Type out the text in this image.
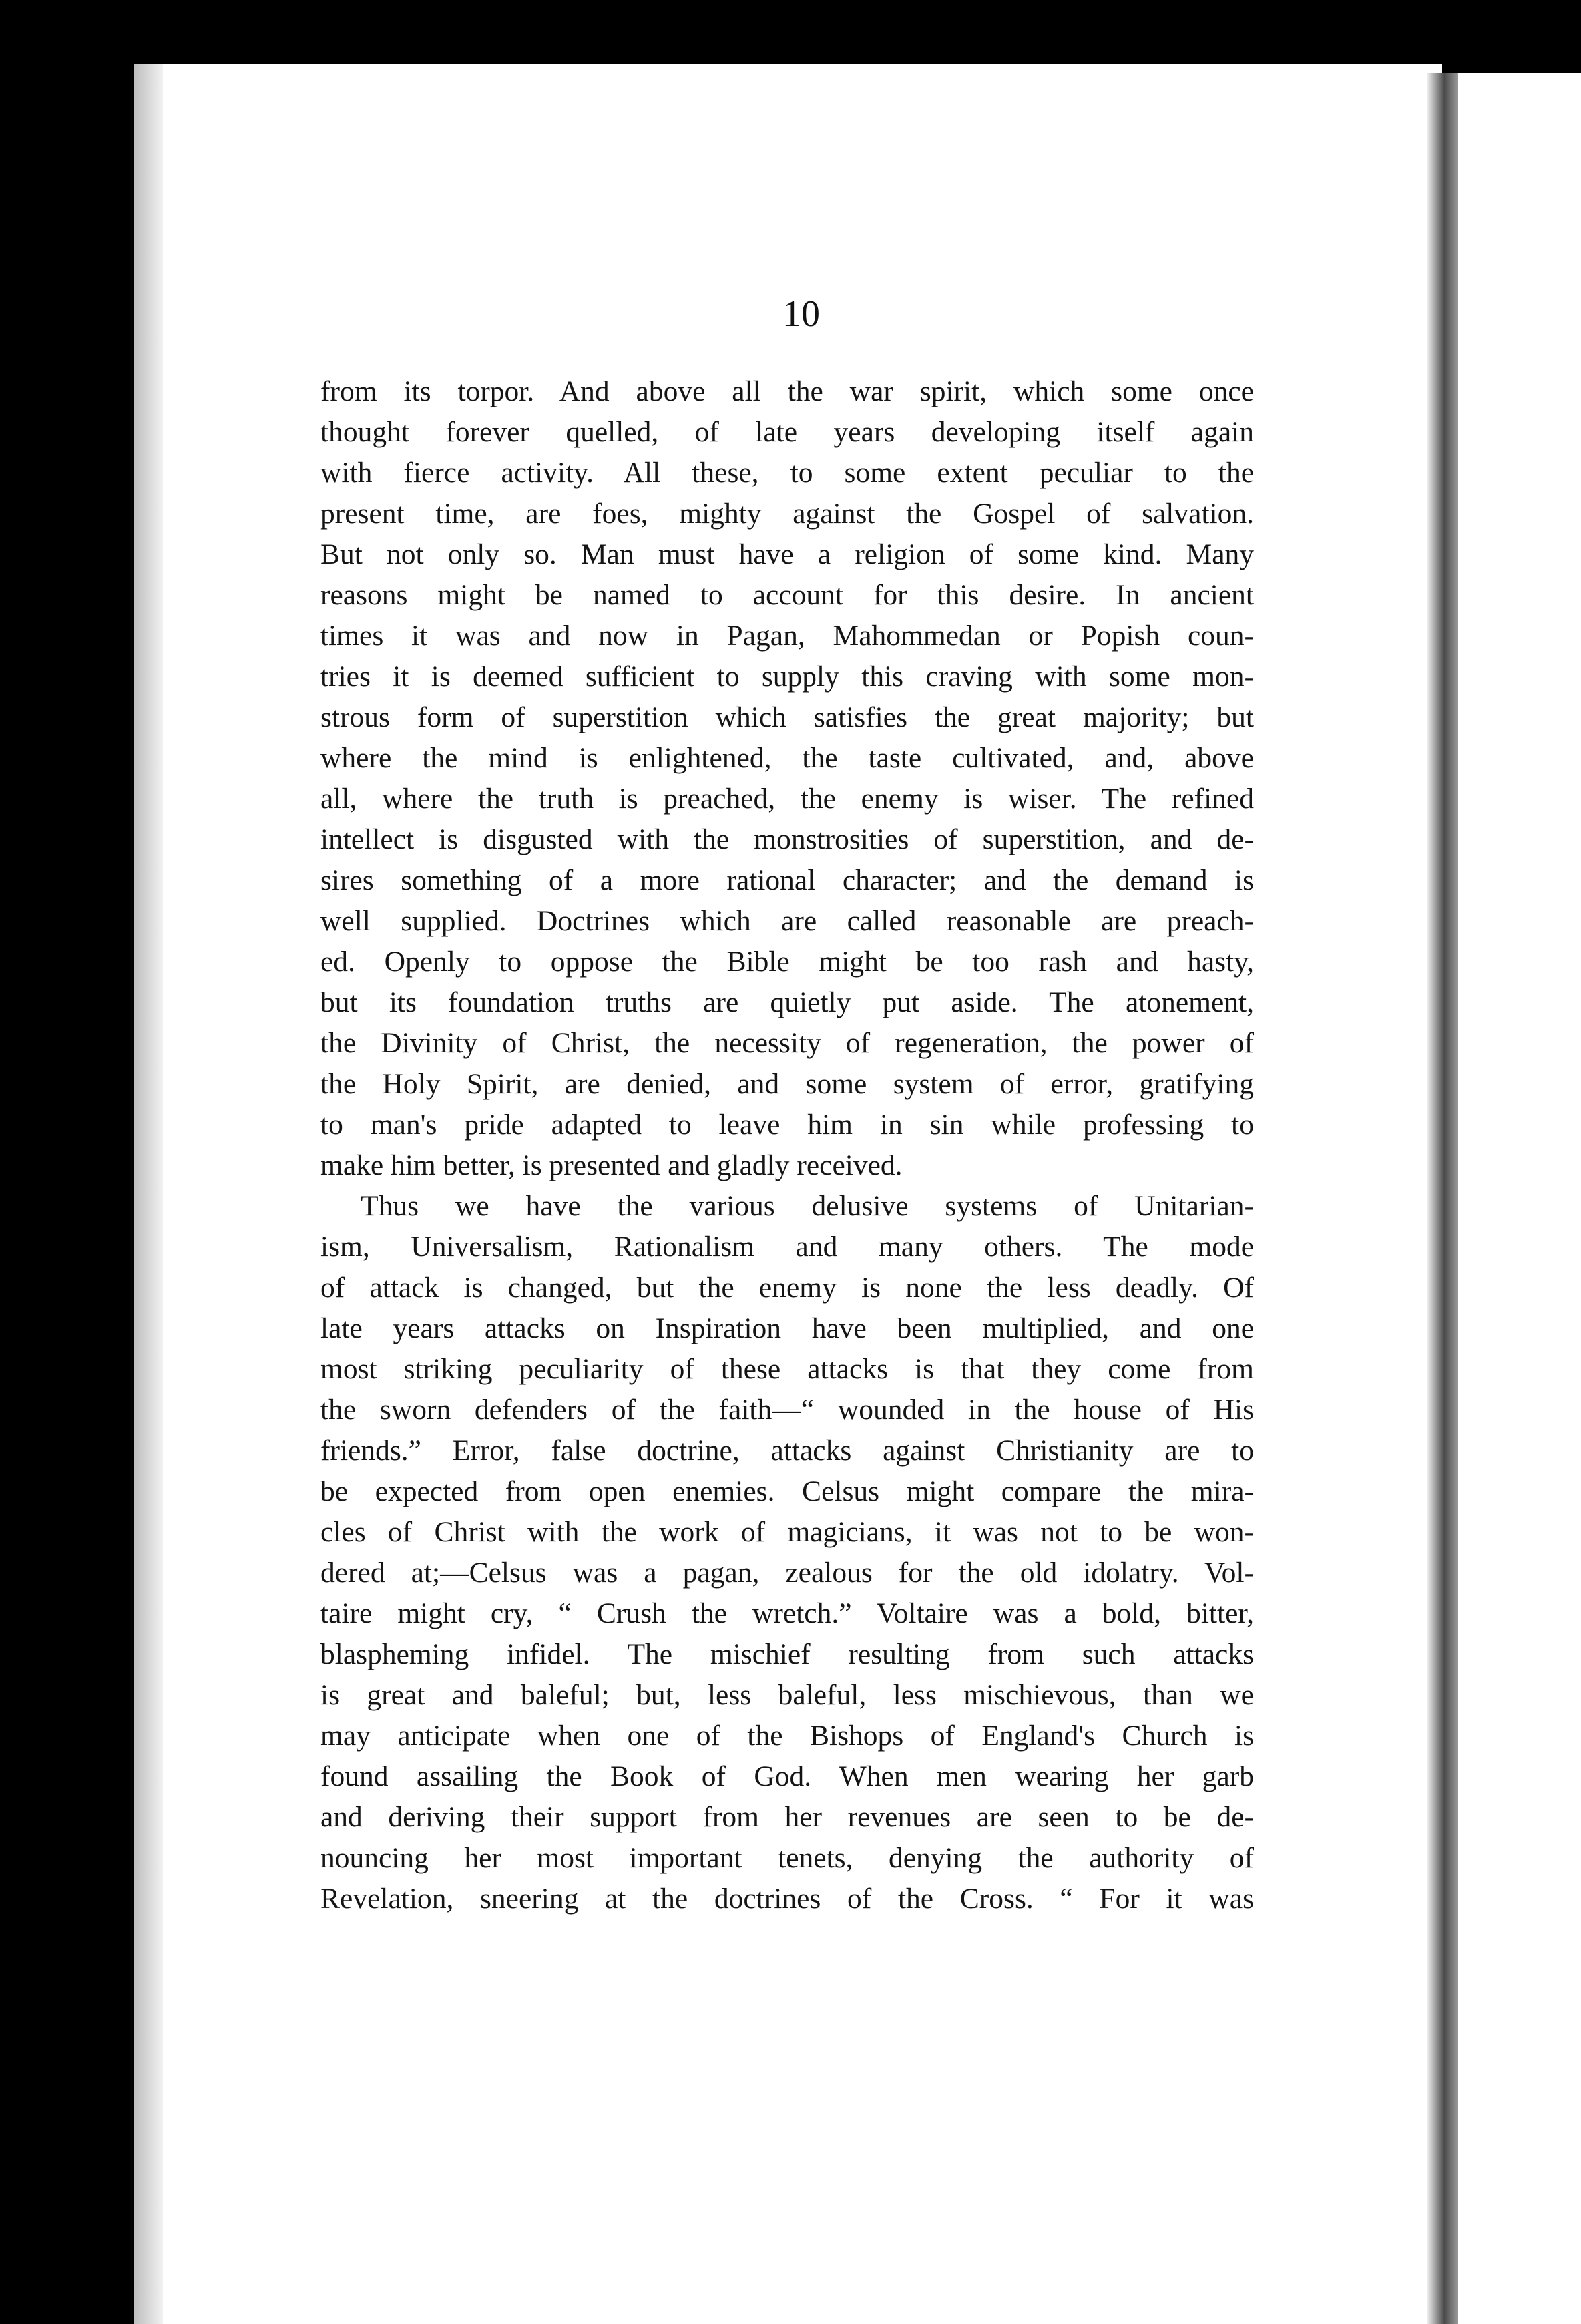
10
from its torpor. And above all the war spirit, which some once
thought forever quelled, of late years developing itself again
with fierce activity. All these, to some extent peculiar to the
present time, are foes, mighty against the Gospel of salvation.
But not only so. Man must have a religion of some kind. Many
reasons might be named to account for this desire. In ancient
times it was and now in Pagan, Mahommedan or Popish coun-
tries it is deemed sufficient to supply this craving with some mon-
strous form of superstition which satisfies the great majority; but
where the mind is enlightened, the taste cultivated, and, above
all, where the truth is preached, the enemy is wiser. The refined
intellect is disgusted with the monstrosities of superstition, and de-
sires something of a more rational character; and the demand is
well supplied. Doctrines which are called reasonable are preach-
ed. Openly to oppose the Bible might be too rash and hasty,
but its foundation truths are quietly put aside. The atonement,
the Divinity of Christ, the necessity of regeneration, the power of
the Holy Spirit, are denied, and some system of error, gratifying
to man's pride adapted to leave him in sin while professing to
make him better, is presented and gladly received.
Thus we have the various delusive systems of Unitarian-
ism, Universalism, Rationalism and many others. The mode
of attack is changed, but the enemy is none the less deadly. Of
late years attacks on Inspiration have been multiplied, and one
most striking peculiarity of these attacks is that they come from
the sworn defenders of the faith—“ wounded in the house of His
friends.” Error, false doctrine, attacks against Christianity are to
be expected from open enemies. Celsus might compare the mira-
cles of Christ with the work of magicians, it was not to be won-
dered at;—Celsus was a pagan, zealous for the old idolatry. Vol-
taire might cry, “ Crush the wretch.” Voltaire was a bold, bitter,
blaspheming infidel. The mischief resulting from such attacks
is great and baleful; but, less baleful, less mischievous, than we
may anticipate when one of the Bishops of England's Church is
found assailing the Book of God. When men wearing her garb
and deriving their support from her revenues are seen to be de-
nouncing her most important tenets, denying the authority of
Revelation, sneering at the doctrines of the Cross. “ For it was
